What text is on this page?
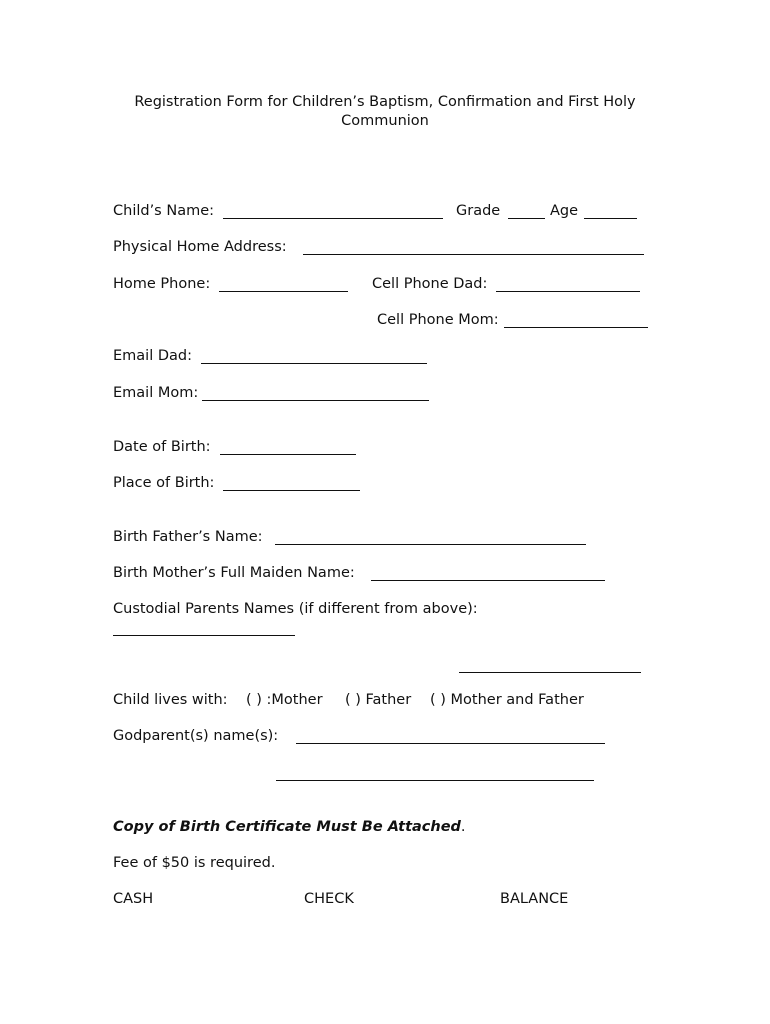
Registration Form for Children’s Baptism, Confirmation and First Holy Communion
Child’s Name:	Grade	Age
Physical Home Address:
Home Phone:	Cell Phone Dad:
Cell Phone Mom:
Email Dad:
Email Mom:
Date of Birth:
Place of Birth:
Birth Father’s Name:
Birth Mother’s Full Maiden Name:
Custodial Parents Names (if different from above):
Child lives with: ( ) :Mother ( ) Father ( ) Mother and Father
Godparent(s) name(s):
Copy of Birth Certificate Must Be Attached.
Fee of $50 is required.
CASH	CHECK	BALANCE
